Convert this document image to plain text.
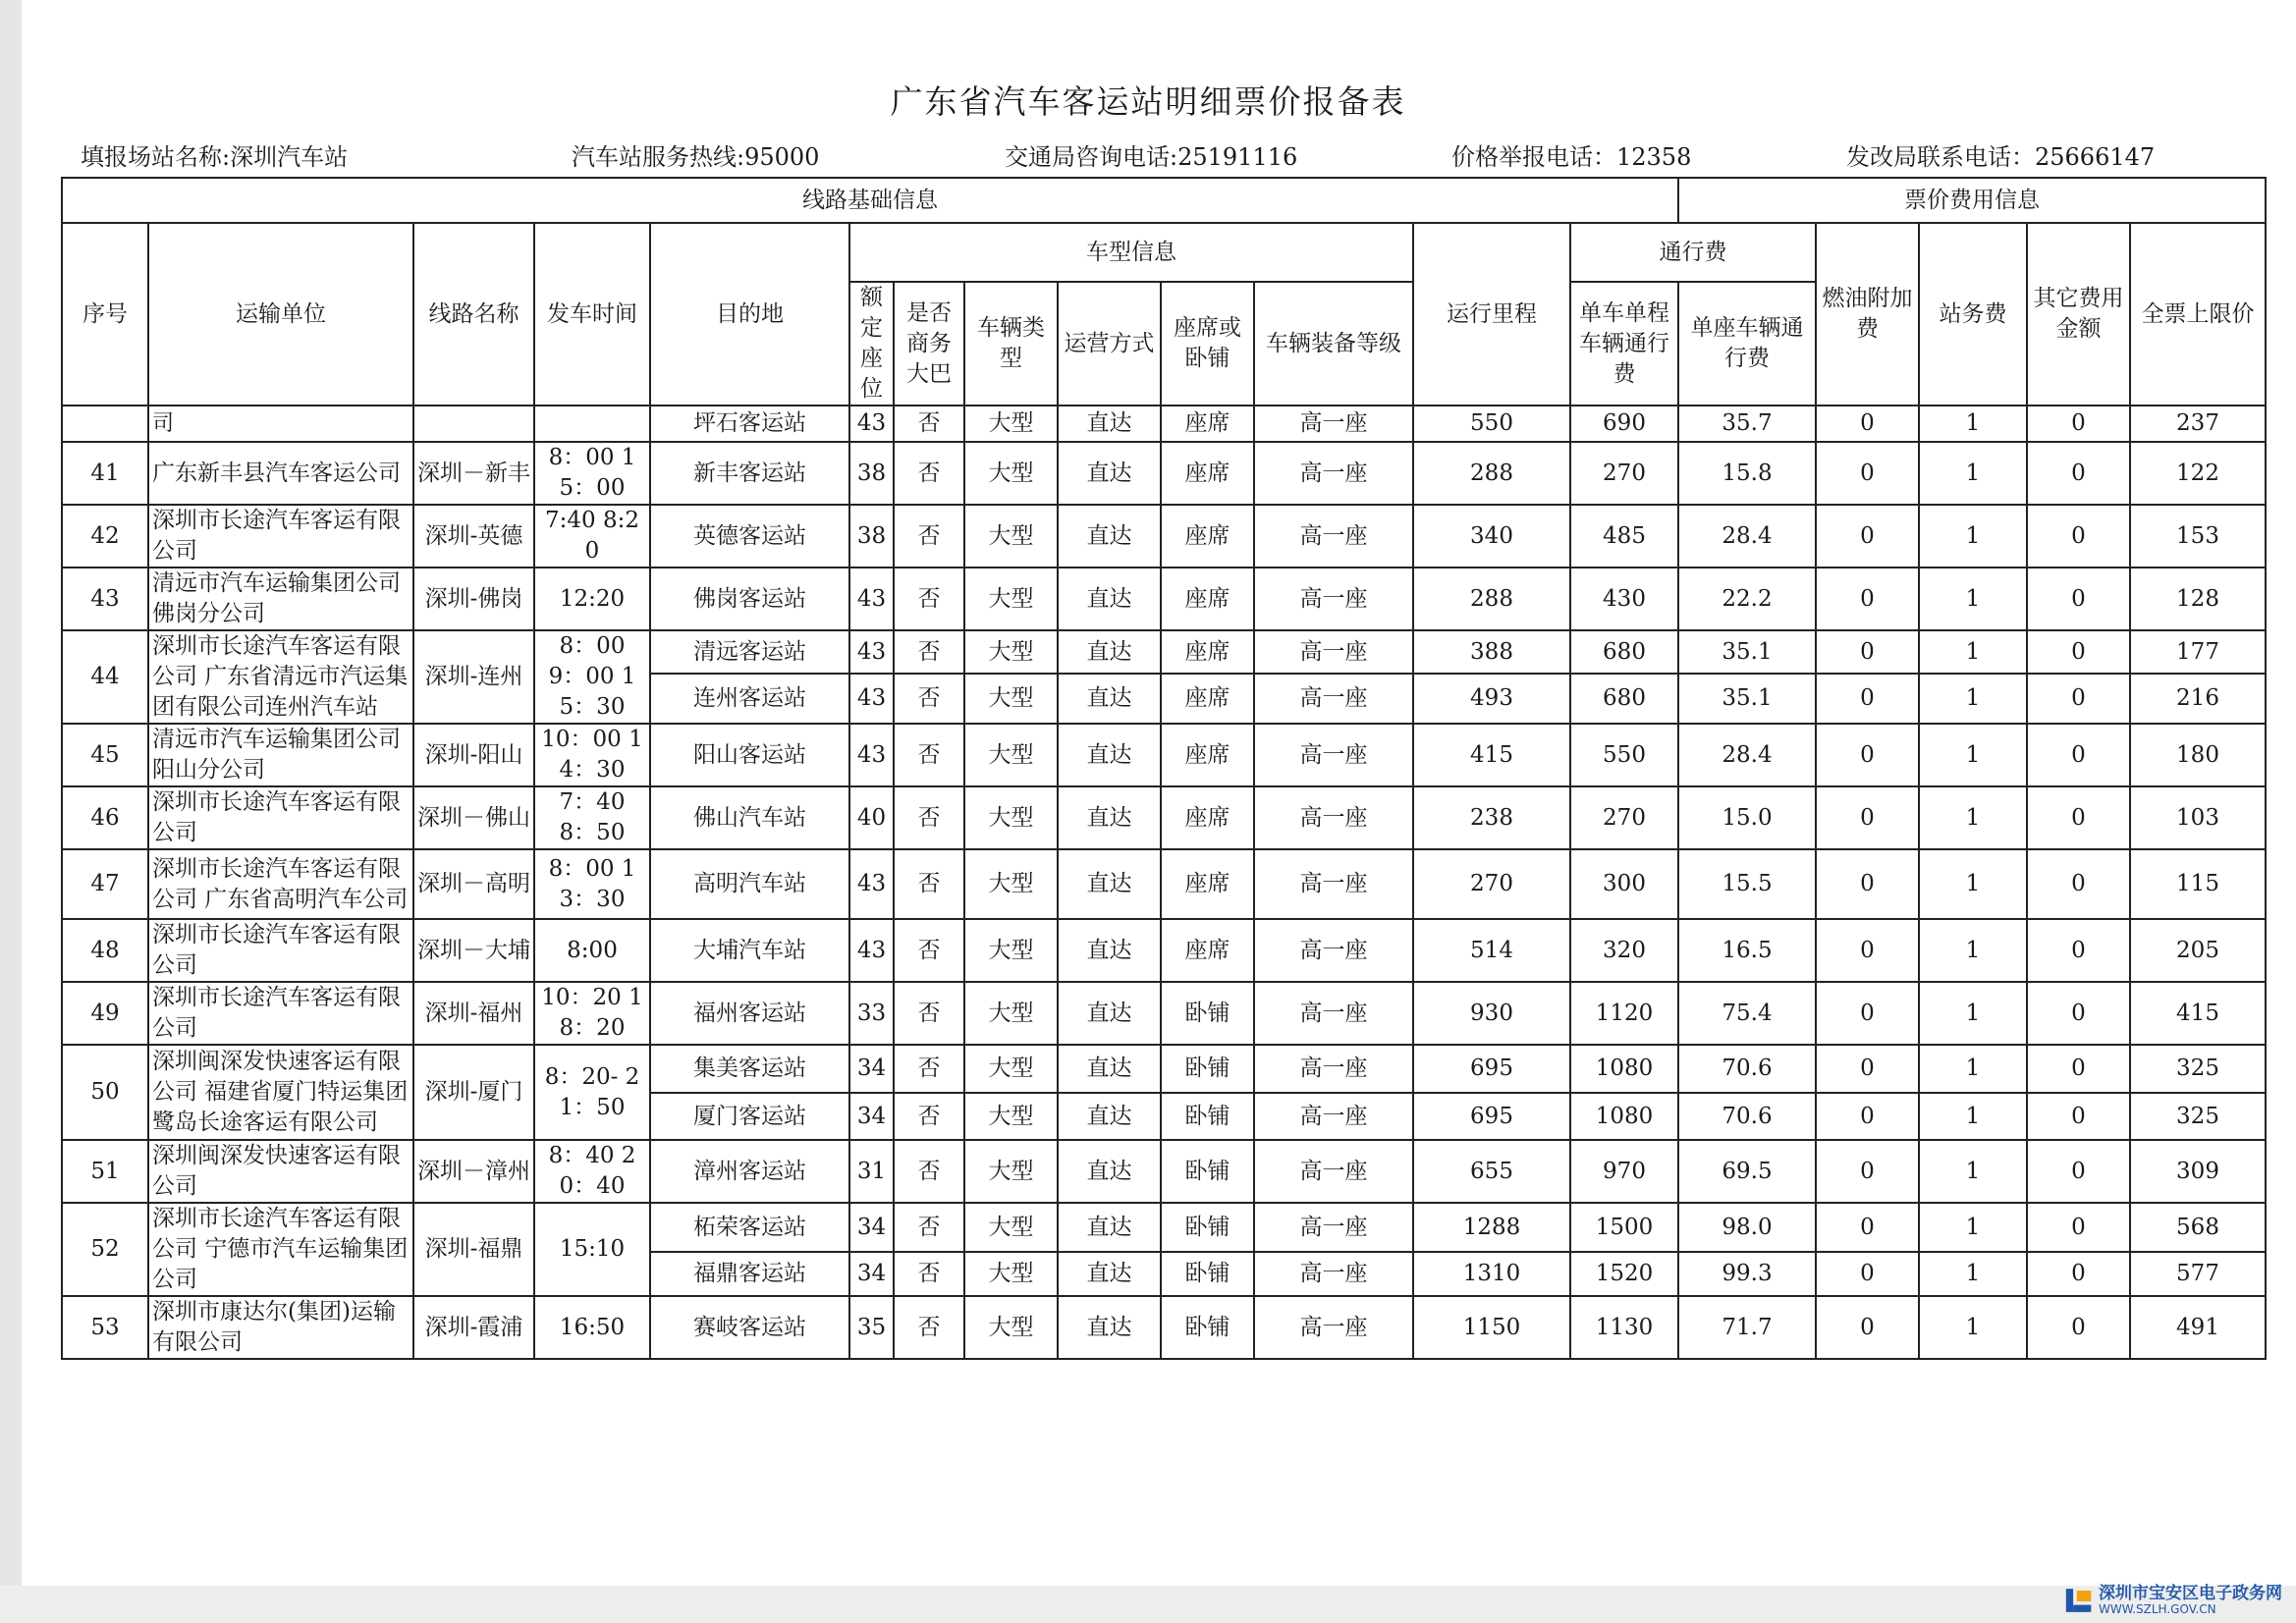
广东省汽车客运站明细票价报备表
填报场站名称:深圳汽车站	汽车站服务热线:95000	交通局咨询电话:25191116	价格举报电话：12358	发改局联系电话：25666147
线路基础信息													票价费用信息				
序号	运输单位	线路名称	发车时间	目的地	车型信息						运行里程	通行费		燃油附加费	站务费	其它费用金额	全票上限价
					额定座位	是否商务大巴	车辆类型	运营方式	座席或卧铺	车辆装备等级		单车单程车辆通行费	单座车辆通行费				
	司			坪石客运站	43	否	大型	直达	座席	高一座	550	690	35.7	0	1	0	237
41	广东新丰县汽车客运公司	深圳－新丰	8：00 15：00	新丰客运站	38	否	大型	直达	座席	高一座	288	270	15.8	0	1	0	122
42	深圳市长途汽车客运有限公司	深圳-英德	7:40 8:20	英德客运站	38	否	大型	直达	座席	高一座	340	485	28.4	0	1	0	153
43	清远市汽车运输集团公司佛岗分公司	深圳-佛岗	12:20	佛岗客运站	43	否	大型	直达	座席	高一座	288	430	22.2	0	1	0	128
44	深圳市长途汽车客运有限公司 广东省清远市汽运集团有限公司连州汽车站	深圳-连州	8：00 9：00 15：30	清远客运站	43	否	大型	直达	座席	高一座	388	680	35.1	0	1	0	177
				连州客运站	43	否	大型	直达	座席	高一座	493	680	35.1	0	1	0	216
45	清远市汽车运输集团公司阳山分公司	深圳-阳山	10：00 14：30	阳山客运站	43	否	大型	直达	座席	高一座	415	550	28.4	0	1	0	180
46	深圳市长途汽车客运有限公司	深圳－佛山	7：40 8：50	佛山汽车站	40	否	大型	直达	座席	高一座	238	270	15.0	0	1	0	103
47	深圳市长途汽车客运有限公司 广东省高明汽车公司	深圳－高明	8：00 13：30	高明汽车站	43	否	大型	直达	座席	高一座	270	300	15.5	0	1	0	115
48	深圳市长途汽车客运有限公司	深圳－大埔	8:00	大埔汽车站	43	否	大型	直达	座席	高一座	514	320	16.5	0	1	0	205
49	深圳市长途汽车客运有限公司	深圳-福州	10：20 18：20	福州客运站	33	否	大型	直达	卧铺	高一座	930	1120	75.4	0	1	0	415
50	深圳闽深发快速客运有限公司 福建省厦门特运集团鹭岛长途客运有限公司	深圳-厦门	8：20- 21：50	集美客运站	34	否	大型	直达	卧铺	高一座	695	1080	70.6	0	1	0	325
				厦门客运站	34	否	大型	直达	卧铺	高一座	695	1080	70.6	0	1	0	325
51	深圳闽深发快速客运有限公司	深圳－漳州	8：40 20：40	漳州客运站	31	否	大型	直达	卧铺	高一座	655	970	69.5	0	1	0	309
52	深圳市长途汽车客运有限公司 宁德市汽车运输集团公司	深圳-福鼎	15:10	柘荣客运站	34	否	大型	直达	卧铺	高一座	1288	1500	98.0	0	1	0	568
				福鼎客运站	34	否	大型	直达	卧铺	高一座	1310	1520	99.3	0	1	0	577
53	深圳市康达尔(集团)运输有限公司	深圳-霞浦	16:50	赛岐客运站	35	否	大型	直达	卧铺	高一座	1150	1130	71.7	0	1	0	491
深圳市宝安区电子政务网
WWW.SZLH.GOV.CN
